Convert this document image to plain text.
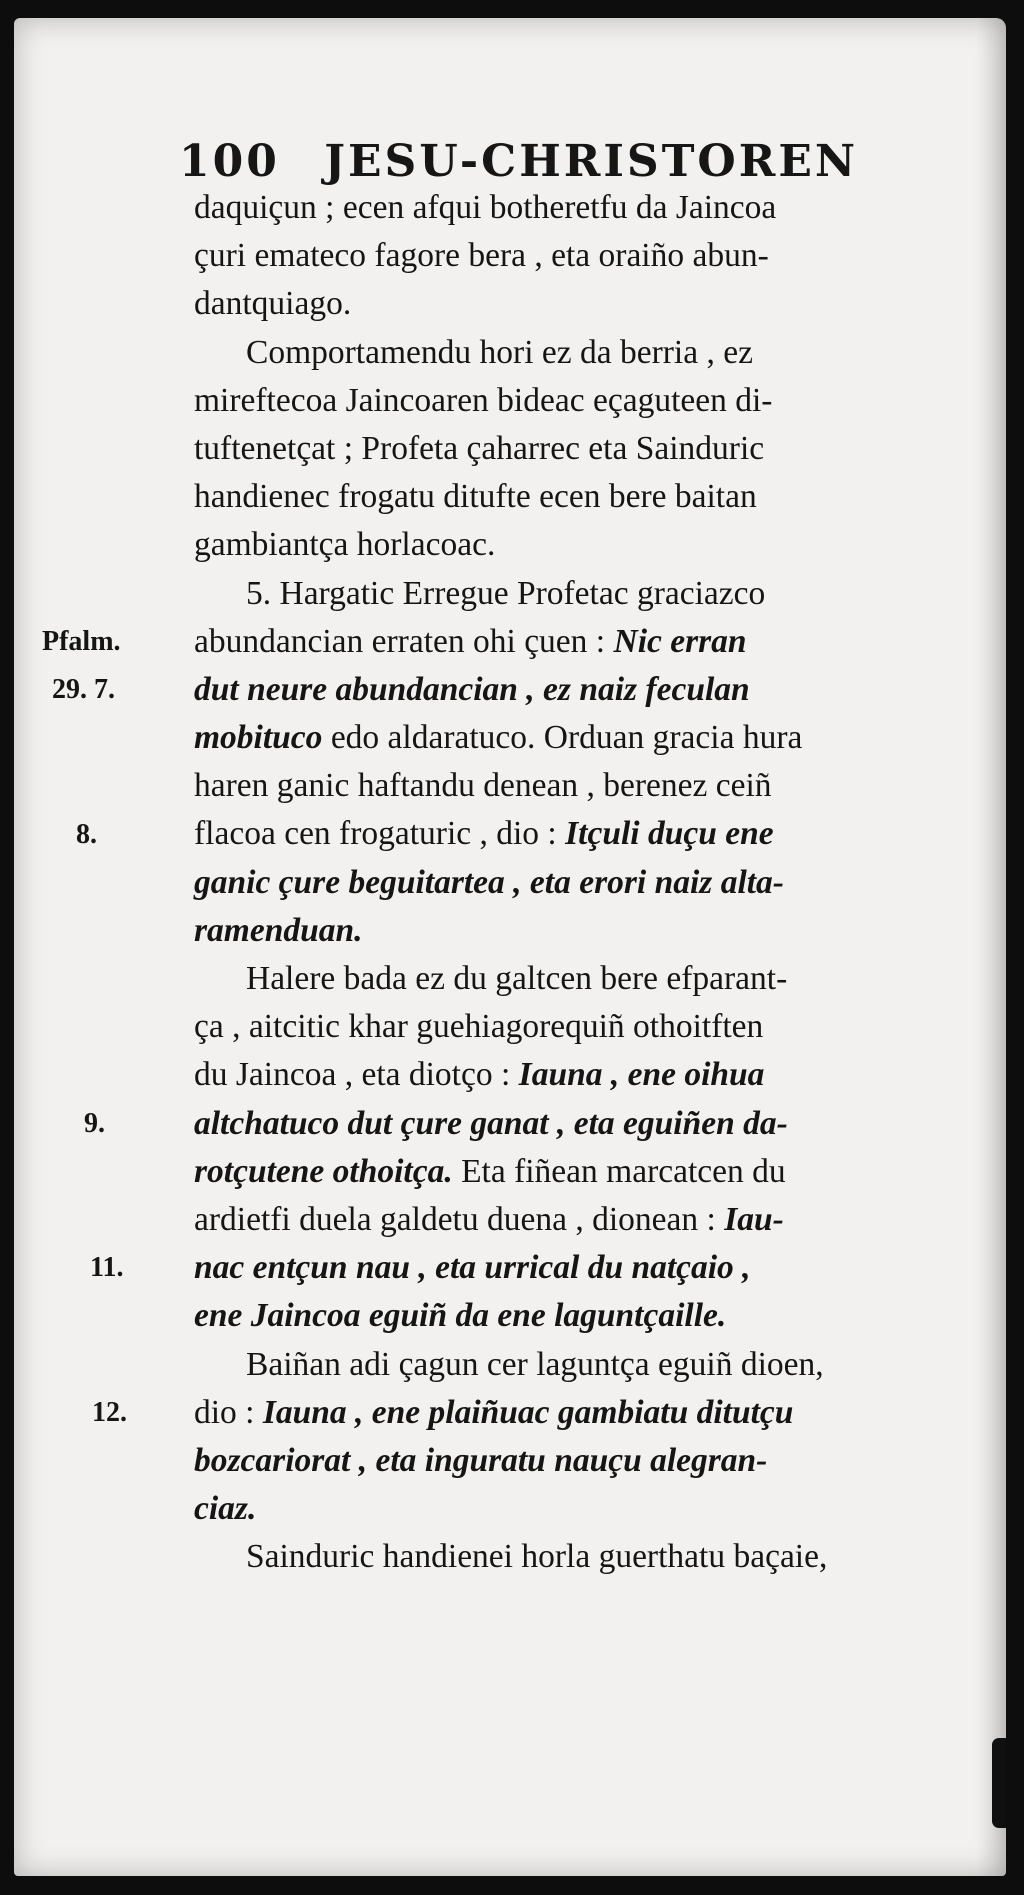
100 JESU-CHRISTOREN
daquiçun ; ecen afqui botheretfu da Jaincoa
çuri emateco fagore bera , eta oraiño abun-
dantquiago.
Comportamendu hori ez da berria , ez
mireftecoa Jaincoaren bideac eçaguteen di-
tuftenetçat ; Profeta çaharrec eta Sainduric
handienec frogatu ditufte ecen bere baitan
gambiantça horlacoac.
5. Hargatic Erregue Profetac graciazco
abundancian erraten ohi çuen : Nic erran
dut neure abundancian , ez naiz feculan
mobituco edo aldaratuco. Orduan gracia hura
haren ganic haftandu denean , berenez ceiñ
flacoa cen frogaturic , dio : Itçuli duçu ene
ganic çure beguitartea , eta erori naiz alta-
ramenduan.
Halere bada ez du galtcen bere efparant-
ça , aitcitic khar guehiagorequiñ othoitften
du Jaincoa , eta diotço : Iauna , ene oihua
altchatuco dut çure ganat , eta eguiñen da-
rotçutene othoitça. Eta fiñean marcatcen du
ardietfi duela galdetu duena , dionean : Iau-
nac entçun nau , eta urrical du natçaio ,
ene Jaincoa eguiñ da ene laguntçaille.
Baiñan adi çagun cer laguntça eguiñ dioen,
dio : Iauna , ene plaiñuac gambiatu ditutçu
bozcariorat , eta inguratu nauçu alegran-
ciaz.
Sainduric handienei horla guerthatu baçaie,
Pfalm.
29. 7.
8.
9.
11.
12.
